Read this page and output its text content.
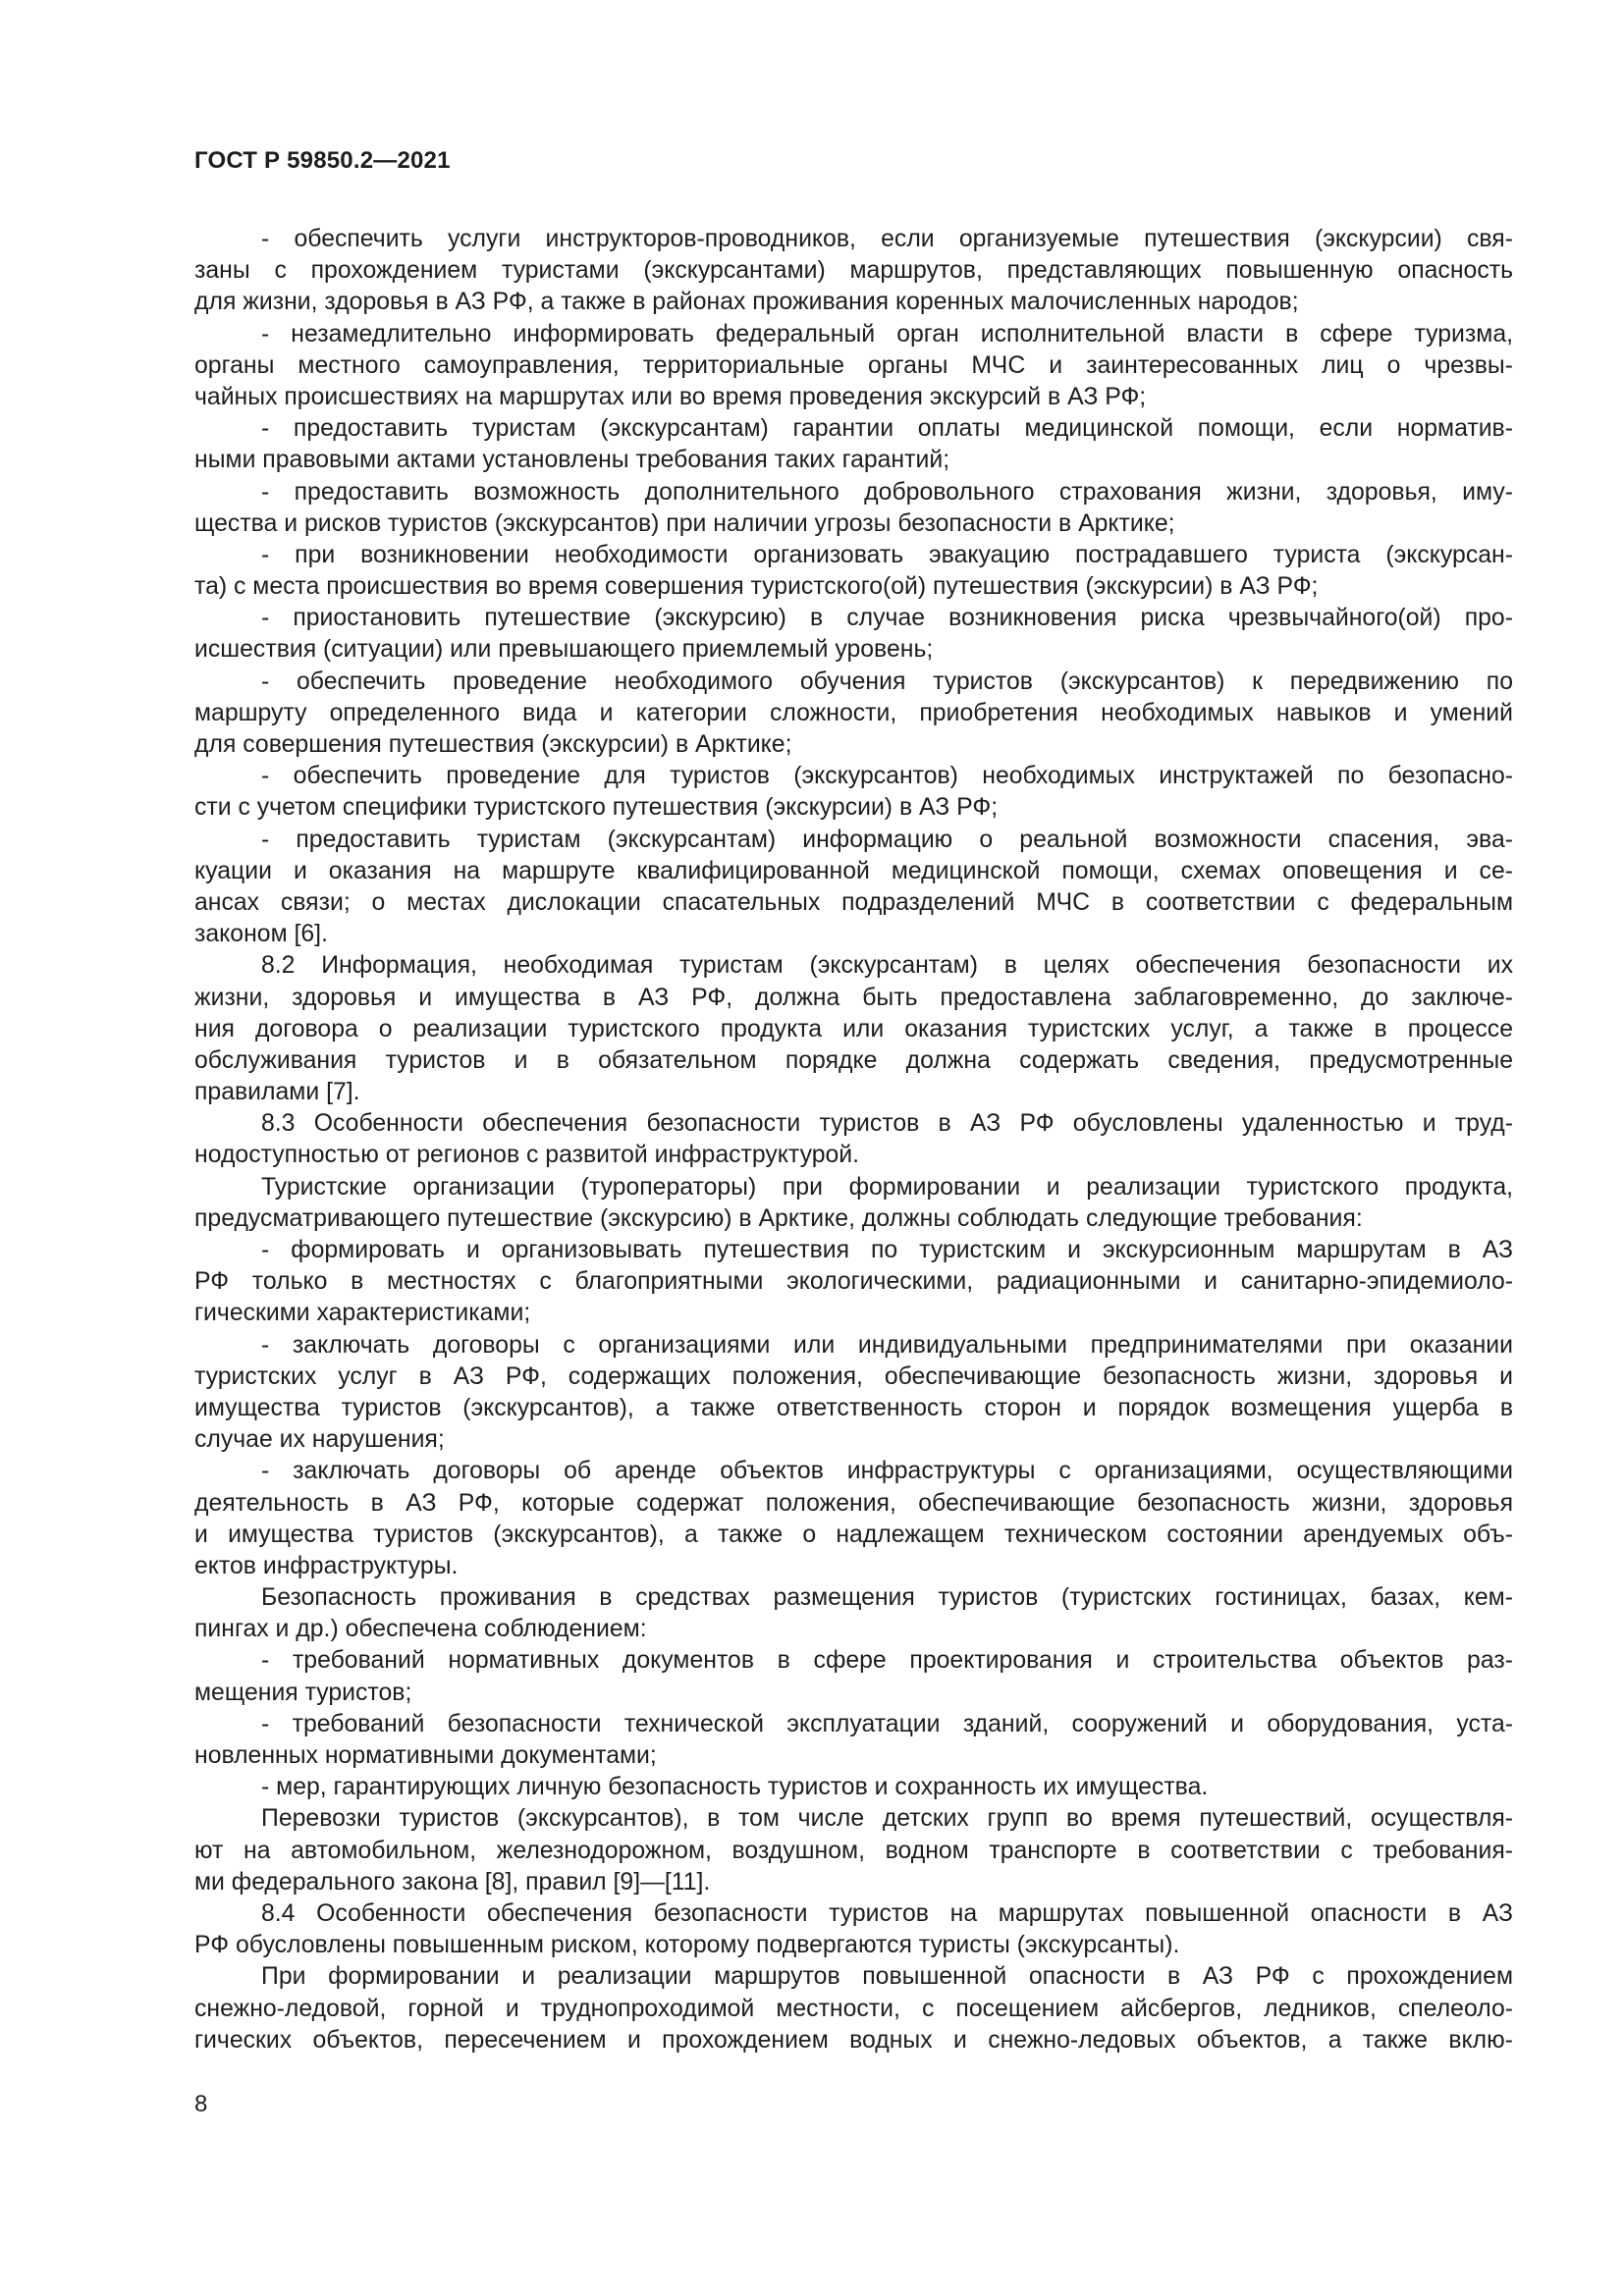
ГОСТ Р 59850.2—2021
- обеспечить услуги инструкторов-проводников, если организуемые путешествия (экскурсии) свя-
заны с прохождением туристами (экскурсантами) маршрутов, представляющих повышенную опасность
для жизни, здоровья в АЗ РФ, а также в районах проживания коренных малочисленных народов;
- незамедлительно информировать федеральный орган исполнительной власти в сфере туризма,
органы местного самоуправления, территориальные органы МЧС и заинтересованных лиц о чрезвы-
чайных происшествиях на маршрутах или во время проведения экскурсий в АЗ РФ;
- предоставить туристам (экскурсантам) гарантии оплаты медицинской помощи, если норматив-
ными правовыми актами установлены требования таких гарантий;
- предоставить возможность дополнительного добровольного страхования жизни, здоровья, иму-
щества и рисков туристов (экскурсантов) при наличии угрозы безопасности в Арктике;
- при возникновении необходимости организовать эвакуацию пострадавшего туриста (экскурсан-
та) с места происшествия во время совершения туристского(ой) путешествия (экскурсии) в АЗ РФ;
- приостановить путешествие (экскурсию) в случае возникновения риска чрезвычайного(ой) про-
исшествия (ситуации) или превышающего приемлемый уровень;
- обеспечить проведение необходимого обучения туристов (экскурсантов) к передвижению по
маршруту определенного вида и категории сложности, приобретения необходимых навыков и умений
для совершения путешествия (экскурсии) в Арктике;
- обеспечить проведение для туристов (экскурсантов) необходимых инструктажей по безопасно-
сти с учетом специфики туристского путешествия (экскурсии) в АЗ РФ;
- предоставить туристам (экскурсантам) информацию о реальной возможности спасения, эва-
куации и оказания на маршруте квалифицированной медицинской помощи, схемах оповещения и се-
ансах связи; о местах дислокации спасательных подразделений МЧС в соответствии с федеральным
законом [6].
8.2 Информация, необходимая туристам (экскурсантам) в целях обеспечения безопасности их
жизни, здоровья и имущества в АЗ РФ, должна быть предоставлена заблаговременно, до заключе-
ния договора о реализации туристского продукта или оказания туристских услуг, а также в процессе
обслуживания туристов и в обязательном порядке должна содержать сведения, предусмотренные
правилами [7].
8.3 Особенности обеспечения безопасности туристов в АЗ РФ обусловлены удаленностью и труд-
нодоступностью от регионов с развитой инфраструктурой.
Туристские организации (туроператоры) при формировании и реализации туристского продукта,
предусматривающего путешествие (экскурсию) в Арктике, должны соблюдать следующие требования:
- формировать и организовывать путешествия по туристским и экскурсионным маршрутам в АЗ
РФ только в местностях с благоприятными экологическими, радиационными и санитарно-эпидемиоло-
гическими характеристиками;
- заключать договоры с организациями или индивидуальными предпринимателями при оказании
туристских услуг в АЗ РФ, содержащих положения, обеспечивающие безопасность жизни, здоровья и
имущества туристов (экскурсантов), а также ответственность сторон и порядок возмещения ущерба в
случае их нарушения;
- заключать договоры об аренде объектов инфраструктуры с организациями, осуществляющими
деятельность в АЗ РФ, которые содержат положения, обеспечивающие безопасность жизни, здоровья
и имущества туристов (экскурсантов), а также о надлежащем техническом состоянии арендуемых объ-
ектов инфраструктуры.
Безопасность проживания в средствах размещения туристов (туристских гостиницах, базах, кем-
пингах и др.) обеспечена соблюдением:
- требований нормативных документов в сфере проектирования и строительства объектов раз-
мещения туристов;
- требований безопасности технической эксплуатации зданий, сооружений и оборудования, уста-
новленных нормативными документами;
- мер, гарантирующих личную безопасность туристов и сохранность их имущества.
Перевозки туристов (экскурсантов), в том числе детских групп во время путешествий, осуществля-
ют на автомобильном, железнодорожном, воздушном, водном транспорте в соответствии с требования-
ми федерального закона [8], правил [9]—[11].
8.4 Особенности обеспечения безопасности туристов на маршрутах повышенной опасности в АЗ
РФ обусловлены повышенным риском, которому подвергаются туристы (экскурсанты).
При формировании и реализации маршрутов повышенной опасности в АЗ РФ с прохождением
снежно-ледовой, горной и труднопроходимой местности, с посещением айсбергов, ледников, спелеоло-
гических объектов, пересечением и прохождением водных и снежно-ледовых объектов, а также вклю-
8
